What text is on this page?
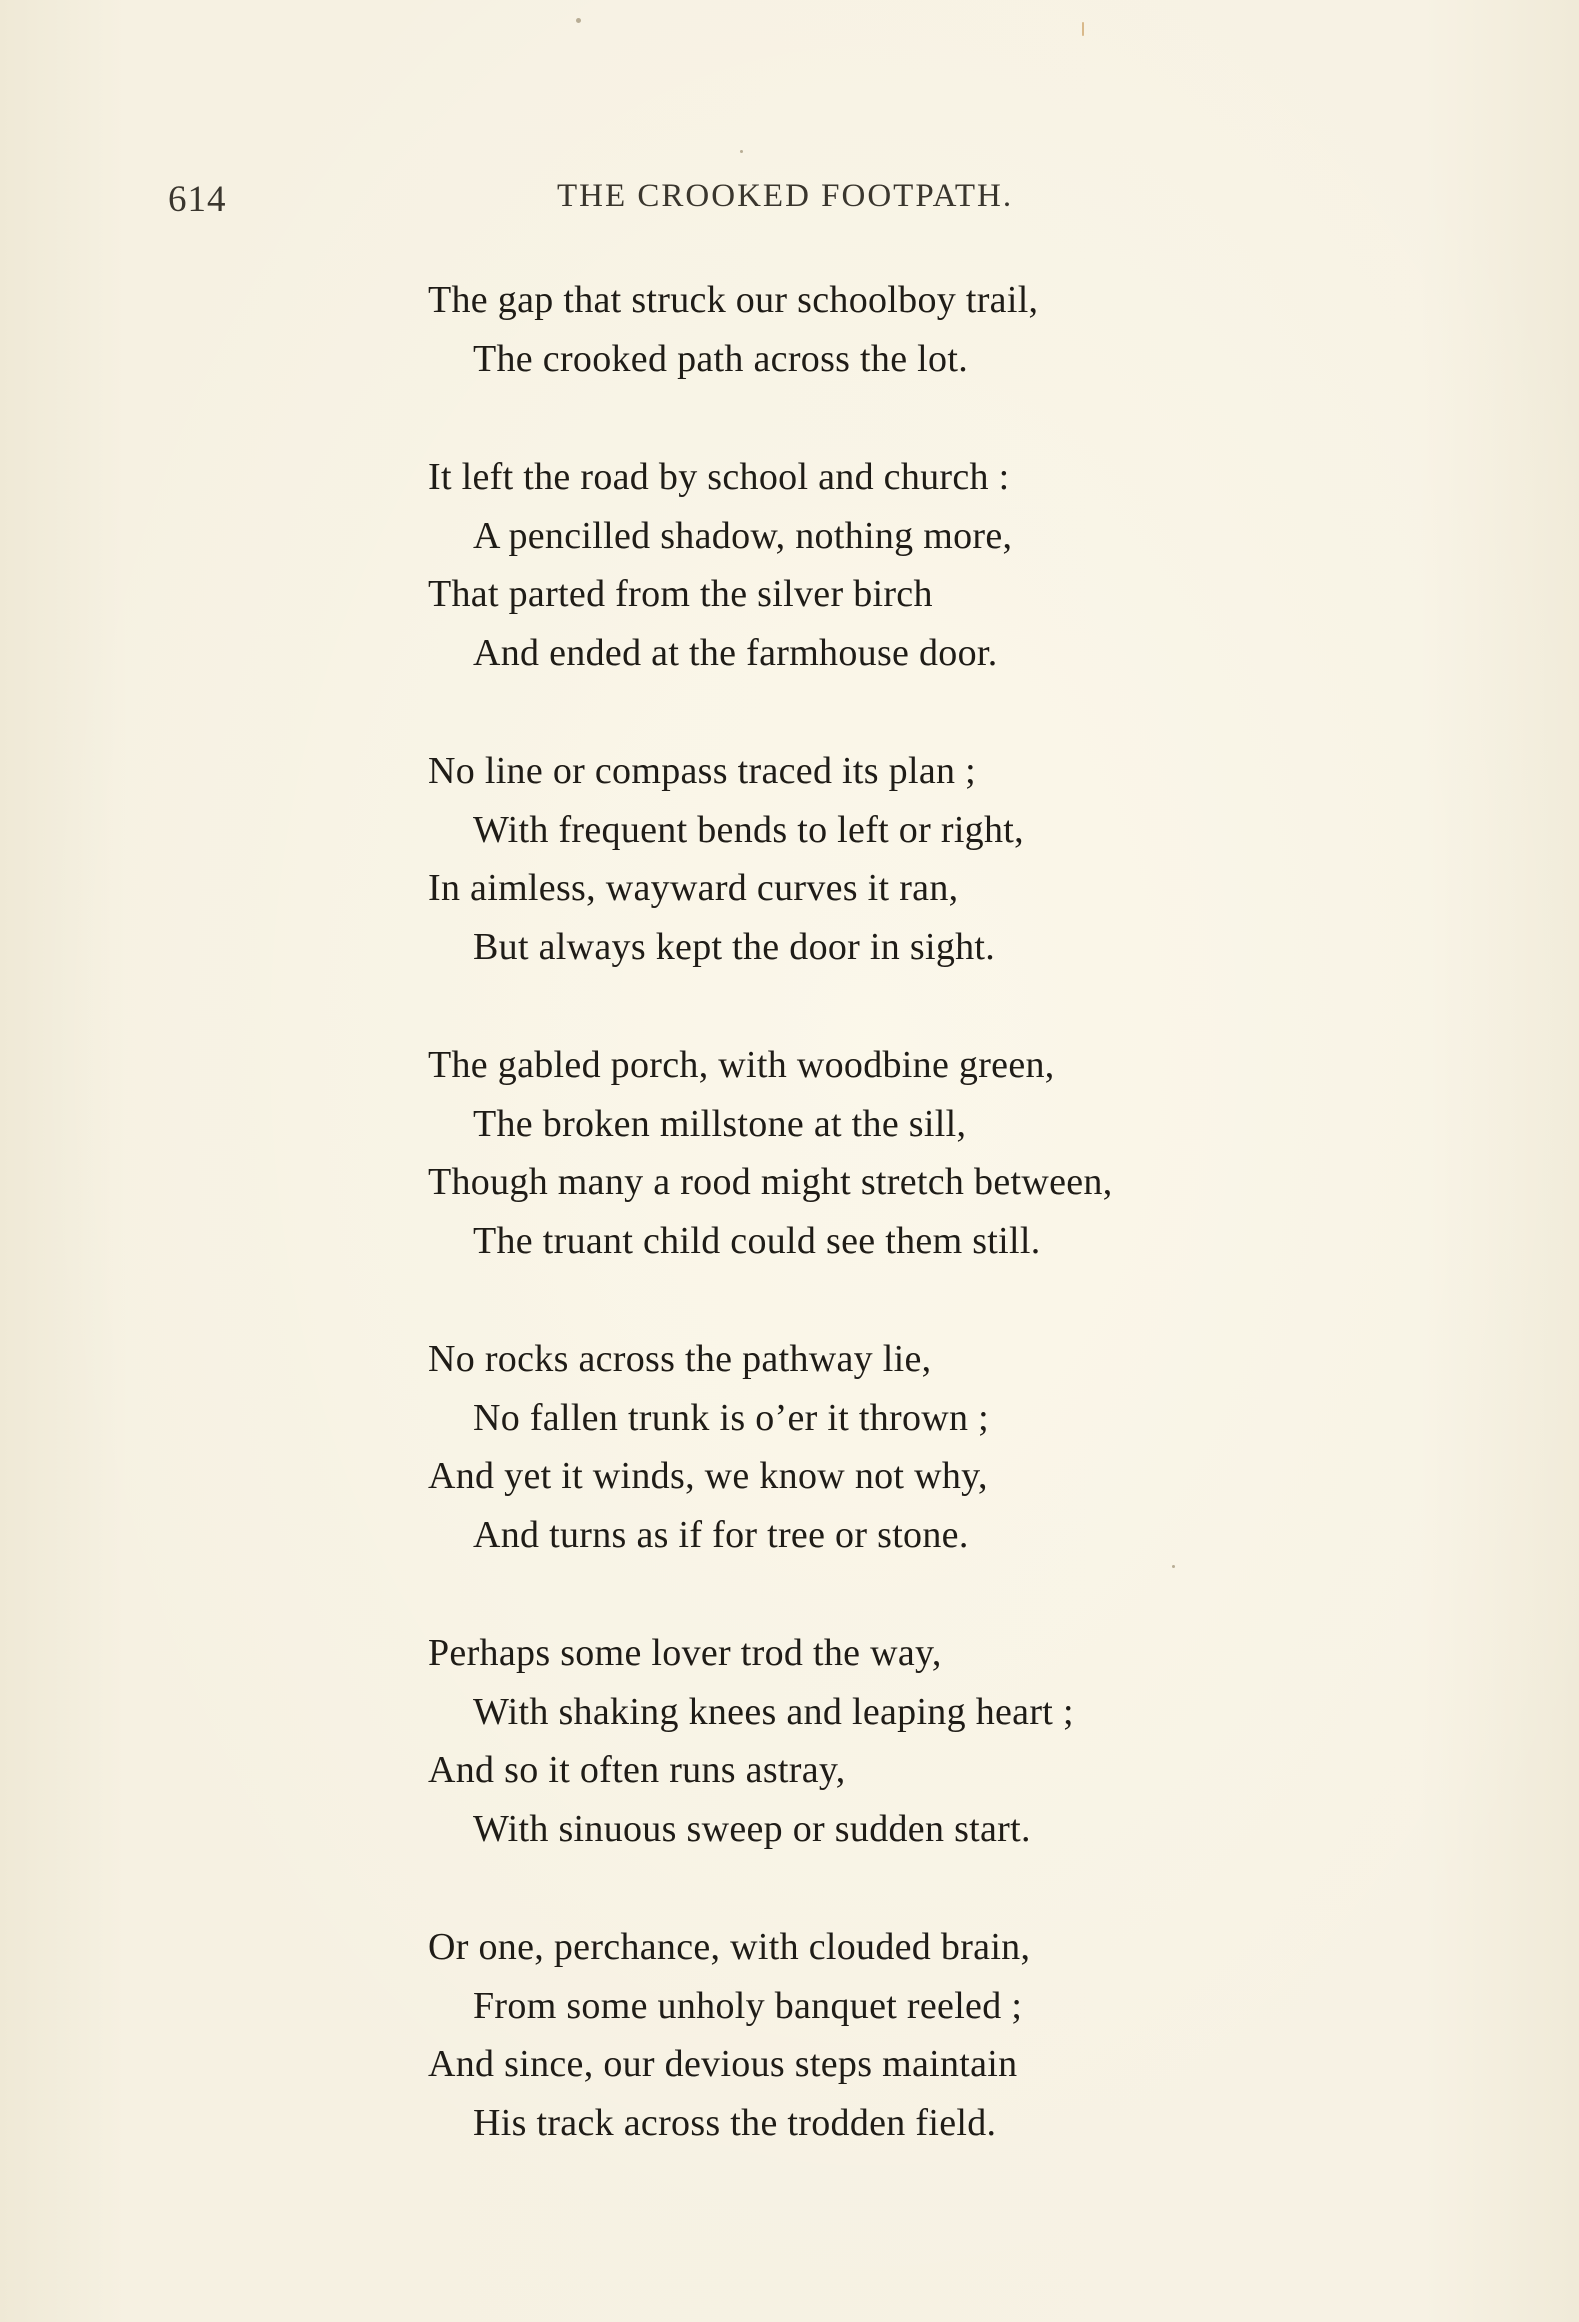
614	THE CROOKED FOOTPATH.
The gap that struck our schoolboy trail,
The crooked path across the lot.
It left the road by school and church :
A pencilled shadow, nothing more,
That parted from the silver birch
And ended at the farmhouse door.
No line or compass traced its plan ;
With frequent bends to left or right,
In aimless, wayward curves it ran,
But always kept the door in sight.
The gabled porch, with woodbine green,
The broken millstone at the sill,
Though many a rood might stretch between,
The truant child could see them still.
No rocks across the pathway lie,
No fallen trunk is o’er it thrown ;
And yet it winds, we know not why,
And turns as if for tree or stone.
Perhaps some lover trod the way,
With shaking knees and leaping heart ;
And so it often runs astray,
With sinuous sweep or sudden start.
Or one, perchance, with clouded brain,
From some unholy banquet reeled ;
And since, our devious steps maintain
His track across the trodden field.
